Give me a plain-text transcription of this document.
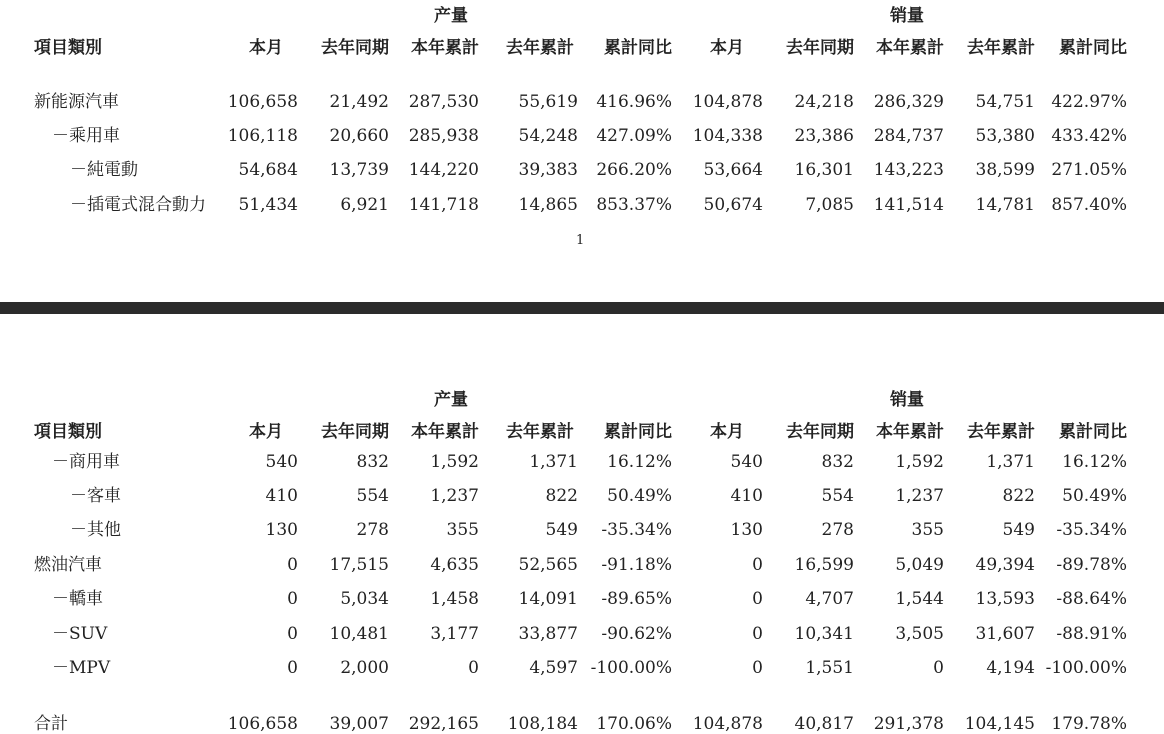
产量	销量
項目類別	本月 去年同期 本年累計 去年累計 累計同比 本月 去年同期 本年累計 去年累計 累計同比
新能源汽車	106,658 21,492 287,530 55,619 416.96% 104,878 24,218 286,329 54,751 422.97%
－乘用車	106,118 20,660 285,938 54,248 427.09% 104,338 23,386 284,737 53,380 433.42%
－純電動	54,684 13,739 144,220 39,383 266.20% 53,664 16,301 143,223 38,599 271.05%
－插電式混合動力 51,434 6,921 141,718 14,865 853.37% 50,674 7,085 141,514 14,781 857.40%
1
产量	销量
項目類別	本月 去年同期 本年累計 去年累計 累計同比 本月 去年同期 本年累計 去年累計 累計同比
－商用車	540	832 1,592	1,371 16.12%	540	832 1,592 1,371 16.12%
－客車	410	554 1,237	822 50.49%	410	554 1,237	822 50.49%
－其他	130	278	355	549 -35.34%	130	278	355	549 -35.34%
燃油汽車	0 17,515 4,635 52,565 -91.18%	0 16,599 5,049 49,394 -89.78%
－轎車	0 5,034 1,458 14,091 -89.65%	0 4,707 1,544 13,593 -88.64%
－SUV	0 10,481 3,177 33,877 -90.62%	0 10,341 3,505 31,607 -88.91%
－MPV	0 2,000	0	4,597 -100.00%	0 1,551	0 4,194 -100.00%
合計	106,658 39,007 292,165 108,184 170.06% 104,878 40,817 291,378 104,145 179.78%
